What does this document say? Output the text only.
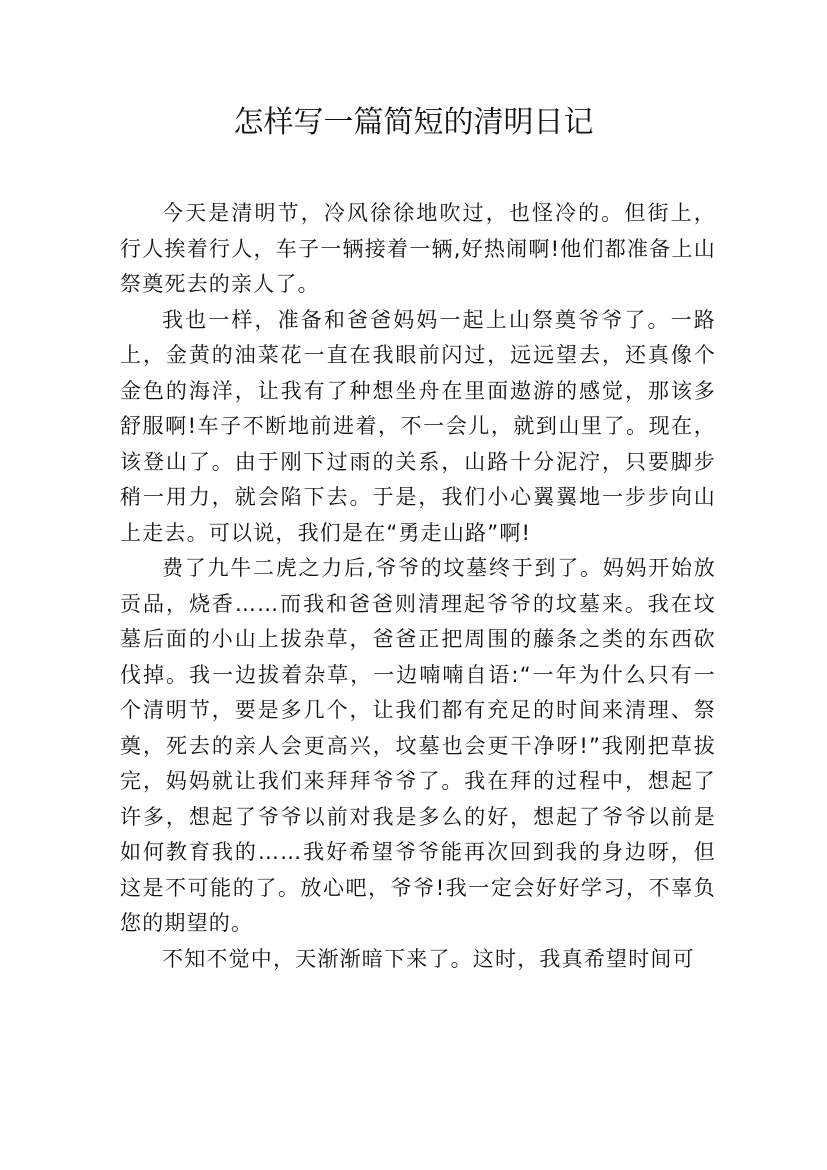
怎样写一篇简短的清明日记

今天是清明节，冷风徐徐地吹过，也怪冷的。但街上，行人挨着行人，车子一辆接着一辆,好热闹啊!他们都准备上山祭奠死去的亲人了。

我也一样，准备和爸爸妈妈一起上山祭奠爷爷了。一路上，金黄的油菜花一直在我眼前闪过，远远望去，还真像个金色的海洋，让我有了种想坐舟在里面遨游的感觉，那该多舒服啊!车子不断地前进着，不一会儿，就到山里了。现在，该登山了。由于刚下过雨的关系，山路十分泥泞，只要脚步稍一用力，就会陷下去。于是，我们小心翼翼地一步步向山上走去。可以说，我们是在“勇走山路”啊!

费了九牛二虎之力后,爷爷的坟墓终于到了。妈妈开始放贡品，烧香……而我和爸爸则清理起爷爷的坟墓来。我在坟墓后面的小山上拔杂草，爸爸正把周围的藤条之类的东西砍伐掉。我一边拔着杂草，一边喃喃自语:“一年为什么只有一个清明节，要是多几个，让我们都有充足的时间来清理、祭奠，死去的亲人会更高兴，坟墓也会更干净呀!”我刚把草拔完，妈妈就让我们来拜拜爷爷了。我在拜的过程中，想起了许多，想起了爷爷以前对我是多么的好，想起了爷爷以前是如何教育我的……我好希望爷爷能再次回到我的身边呀，但这是不可能的了。放心吧，爷爷!我一定会好好学习，不辜负您的期望的。

不知不觉中，天渐渐暗下来了。这时，我真希望时间可
